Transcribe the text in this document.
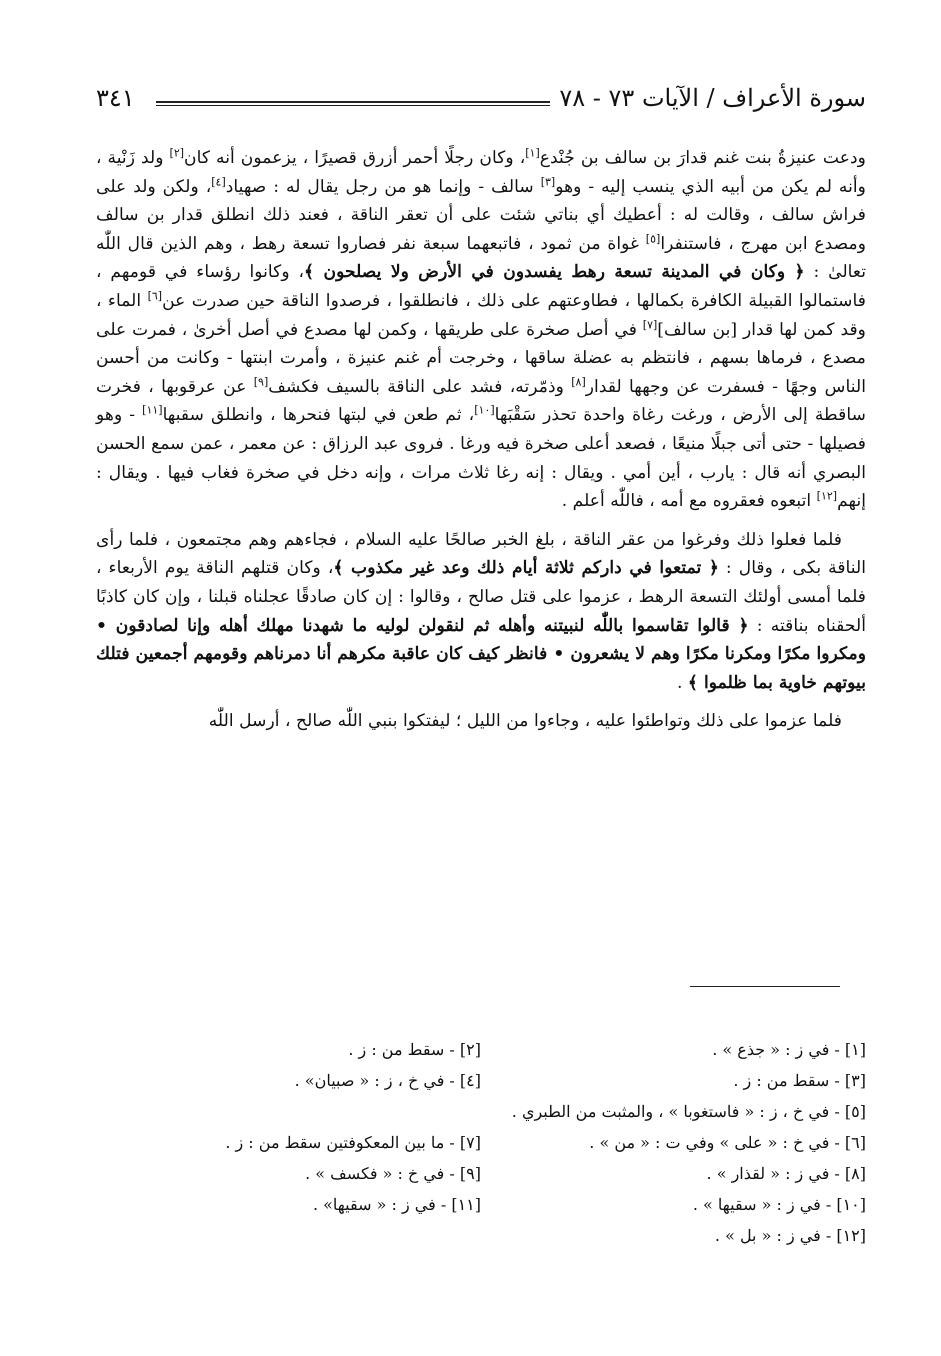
سورة الأعراف / الآيات ٧٣ - ٧٨
٣٤١

ودعت عنيزةُ بنت غنم قدارَ بن سالف بن جُنْدع[١]، وكان رجلًا أحمر أزرق قصيرًا ، يزعمون أنه كان[٢] ولد زَنْية ، وأنه لم يكن من أبيه الذي ينسب إليه - وهو[٣] سالف - وإنما هو من رجل يقال له : صهياد[٤]، ولكن ولد على فراش سالف ، وقالت له : أعطيك أي بناتي شئت على أن تعقر الناقة ، فعند ذلك انطلق قدار بن سالف ومصدع ابن مهرج ، فاستنفرا[٥] غواة من ثمود ، فاتبعهما سبعة نفر فصاروا تسعة رهط ، وهم الذين قال اللّٰه تعالىٰ : ﴿ وكان في المدينة تسعة رهط يفسدون في الأرض ولا يصلحون ﴾، وكانوا رؤساء في قومهم ، فاستمالوا القبيلة الكافرة بكمالها ، فطاوعتهم على ذلك ، فانطلقوا ، فرصدوا الناقة حين صدرت عن[٦] الماء ، وقد كمن لها قدار [بن سالف][٧] في أصل صخرة على طريقها ، وكمن لها مصدع في أصل أخرىٰ ، فمرت على مصدع ، فرماها بسهم ، فانتظم به عضلة ساقها ، وخرجت أم غنم عنيزة ، وأمرت ابنتها - وكانت من أحسن الناس وجهًا - فسفرت عن وجهها لقدار[٨] وذمّرته، فشد على الناقة بالسيف فكشف[٩] عن عرقوبها ، فخرت ساقطة إلى الأرض ، ورغت رغاة واحدة تحذر سَقْبَها[١٠]، ثم طعن في لبتها فنحرها ، وانطلق سقبها[١١] - وهو فصيلها - حتى أتى جبلًا منيعًا ، فصعد أعلى صخرة فيه ورغا . فروى عبد الرزاق : عن معمر ، عمن سمع الحسن البصري أنه قال : يارب ، أين أمي . ويقال : إنه رغا ثلاث مرات ، وإنه دخل في صخرة فغاب فيها . ويقال : إنهم[١٢] اتبعوه فعقروه مع أمه ، فاللّٰه أعلم .

فلما فعلوا ذلك وفرغوا من عقر الناقة ، بلغ الخبر صالحًا عليه السلام ، فجاءهم وهم مجتمعون ، فلما رأى الناقة بكى ، وقال : ﴿ تمتعوا في داركم ثلاثة أيام ذلك وعد غير مكذوب ﴾، وكان قتلهم الناقة يوم الأربعاء ، فلما أمسى أولئك التسعة الرهط ، عزموا على قتل صالح ، وقالوا : إن كان صادقًا عجلناه قبلنا ، وإن كان كاذبًا ألحقناه بناقته : ﴿ قالوا تقاسموا باللّٰه لنبيتنه وأهله ثم لنقولن لوليه ما شهدنا مهلك أهله وإنا لصادقون • ومكروا مكرًا ومكرنا مكرًا وهم لا يشعرون • فانظر كيف كان عاقبة مكرهم أنا دمرناهم وقومهم أجمعين فتلك بيوتهم خاوية بما ظلموا ﴾ .

فلما عزموا على ذلك وتواطئوا عليه ، وجاءوا من الليل ؛ ليفتكوا بنبي اللّٰه صالح ، أرسل اللّٰه

[١] - في ز : « جذع » .
[٢] - سقط من : ز .
[٣] - سقط من : ز .
[٤] - في خ ، ز : « صبيان» .
[٥] - في خ ، ز : « فاستغوبا » ، والمثبت من الطبري .
[٦] - في خ : « على » وفي ت : « من » .
[٧] - ما بين المعكوفتين سقط من : ز .
[٨] - في ز : « لقذار » .
[٩] - في خ : « فكسف » .
[١٠] - في ز : « سقيها » .
[١١] - في ز : « سقيها» .
[١٢] - في ز : « بل » .
